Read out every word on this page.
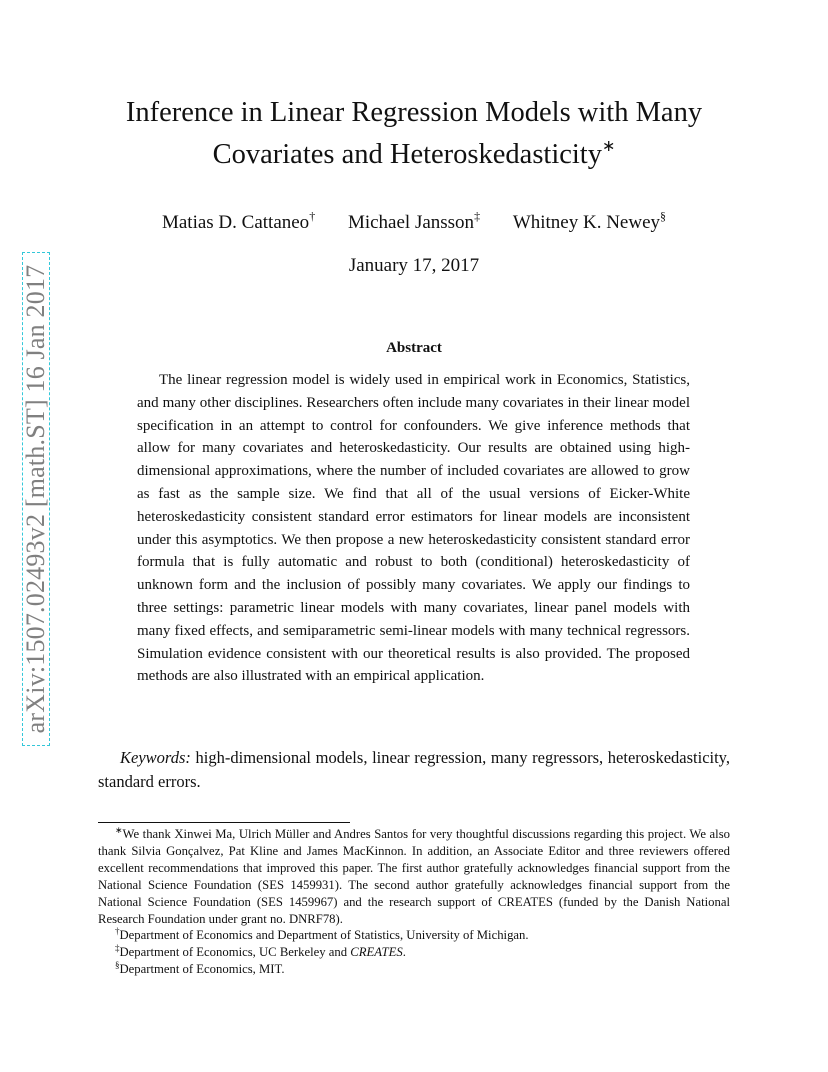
arXiv:1507.02493v2 [math.ST] 16 Jan 2017
Inference in Linear Regression Models with Many
Covariates and Heteroskedasticity∗
Matias D. Cattaneo† Michael Jansson‡ Whitney K. Newey§
January 17, 2017
Abstract

The linear regression model is widely used in empirical work in Economics, Statistics, and many other disciplines. Researchers often include many covariates in their linear model specification in an attempt to control for confounders. We give inference methods that allow for many covariates and heteroskedasticity. Our results are obtained using high-dimensional approximations, where the number of included covariates are allowed to grow as fast as the sample size. We find that all of the usual versions of Eicker-White heteroskedasticity consistent standard error estimators for linear models are inconsistent under this asymptotics. We then propose a new heteroskedasticity consistent standard error formula that is fully automatic and robust to both (conditional) heteroskedasticity of unknown form and the inclusion of possibly many covariates. We apply our findings to three settings: parametric linear models with many covariates, linear panel models with many fixed effects, and semiparametric semi-linear models with many technical regressors. Simulation evidence consistent with our theoretical results is also provided. The proposed methods are also illustrated with an empirical application.

Keywords: high-dimensional models, linear regression, many regressors, heteroskedasticity, standard errors.

∗We thank Xinwei Ma, Ulrich Müller and Andres Santos for very thoughtful discussions regarding this project. We also thank Silvia Gonçalvez, Pat Kline and James MacKinnon. In addition, an Associate Editor and three reviewers offered excellent recommendations that improved this paper. The first author gratefully acknowledges financial support from the National Science Foundation (SES 1459931). The second author gratefully acknowledges financial support from the National Science Foundation (SES 1459967) and the research support of CREATES (funded by the Danish National Research Foundation under grant no. DNRF78).

†Department of Economics and Department of Statistics, University of Michigan.

‡Department of Economics, UC Berkeley and CREATES.

§Department of Economics, MIT.
